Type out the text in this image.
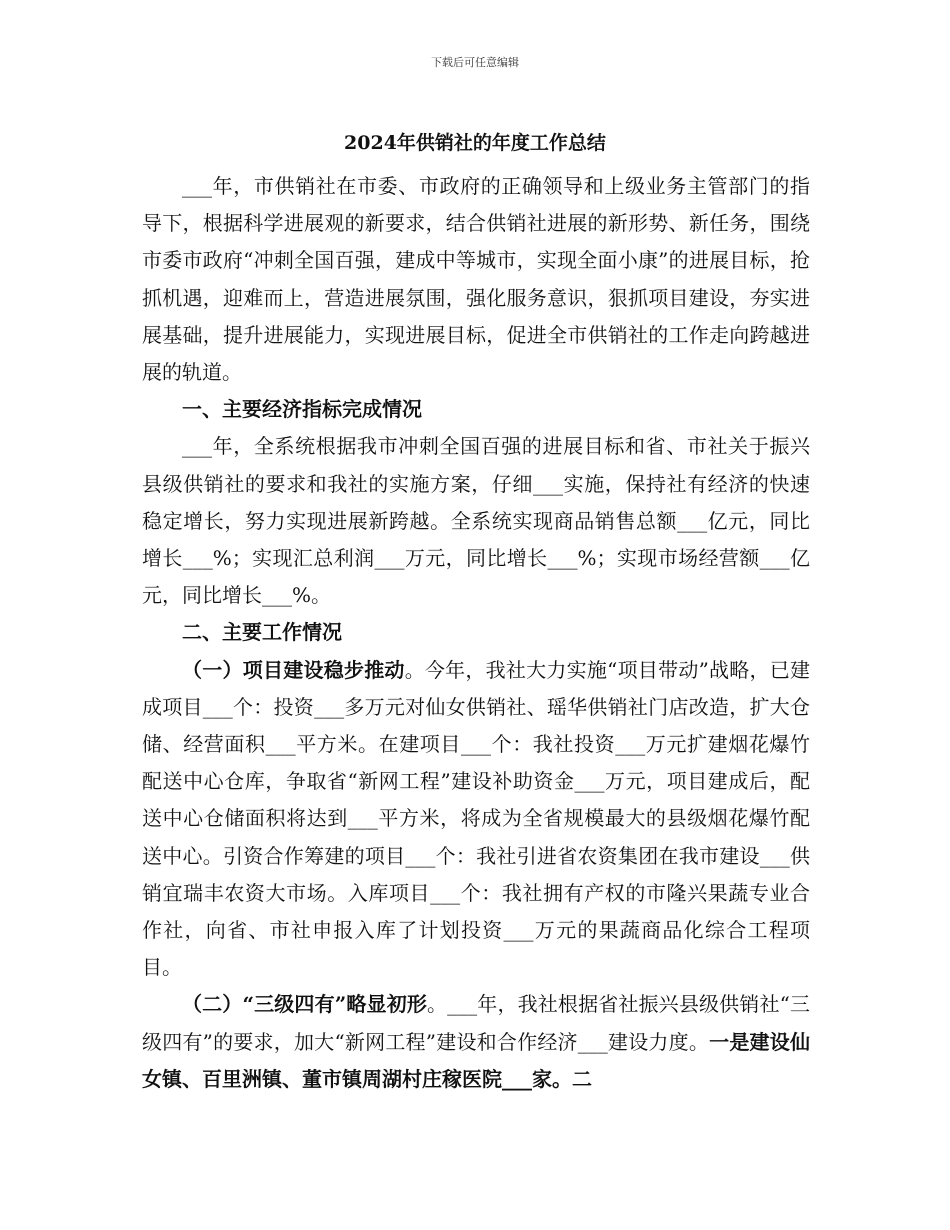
下载后可任意编辑
2024年供销社的年度工作总结

___年，市供销社在市委、市政府的正确领导和上级业务主管部门的指导下，根据科学进展观的新要求，结合供销社进展的新形势、新任务，围绕市委市政府“冲刺全国百强，建成中等城市，实现全面小康”的进展目标，抢抓机遇，迎难而上，营造进展氛围，强化服务意识，狠抓项目建设，夯实进展基础，提升进展能力，实现进展目标，促进全市供销社的工作走向跨越进展的轨道。

一、主要经济指标完成情况

___年，全系统根据我市冲刺全国百强的进展目标和省、市社关于振兴县级供销社的要求和我社的实施方案，仔细___实施，保持社有经济的快速稳定增长，努力实现进展新跨越。全系统实现商品销售总额___亿元，同比增长___%；实现汇总利润___万元，同比增长___%；实现市场经营额___亿元，同比增长___%。

二、主要工作情况

（一）项目建设稳步推动。今年，我社大力实施“项目带动”战略，已建成项目___个：投资___多万元对仙女供销社、瑶华供销社门店改造，扩大仓储、经营面积___平方米。在建项目___个：我社投资___万元扩建烟花爆竹配送中心仓库，争取省“新网工程”建设补助资金___万元，项目建成后，配送中心仓储面积将达到___平方米，将成为全省规模最大的县级烟花爆竹配送中心。引资合作筹建的项目___个：我社引进省农资集团在我市建设___供销宜瑞丰农资大市场。入库项目___个：我社拥有产权的市隆兴果蔬专业合作社，向省、市社申报入库了计划投资___万元的果蔬商品化综合工程项目。

（二）“三级四有”略显初形。___年，我社根据省社振兴县级供销社“三级四有”的要求，加大“新网工程”建设和合作经济___建设力度。一是建设仙女镇、百里洲镇、董市镇周湖村庄稼医院___家。二
